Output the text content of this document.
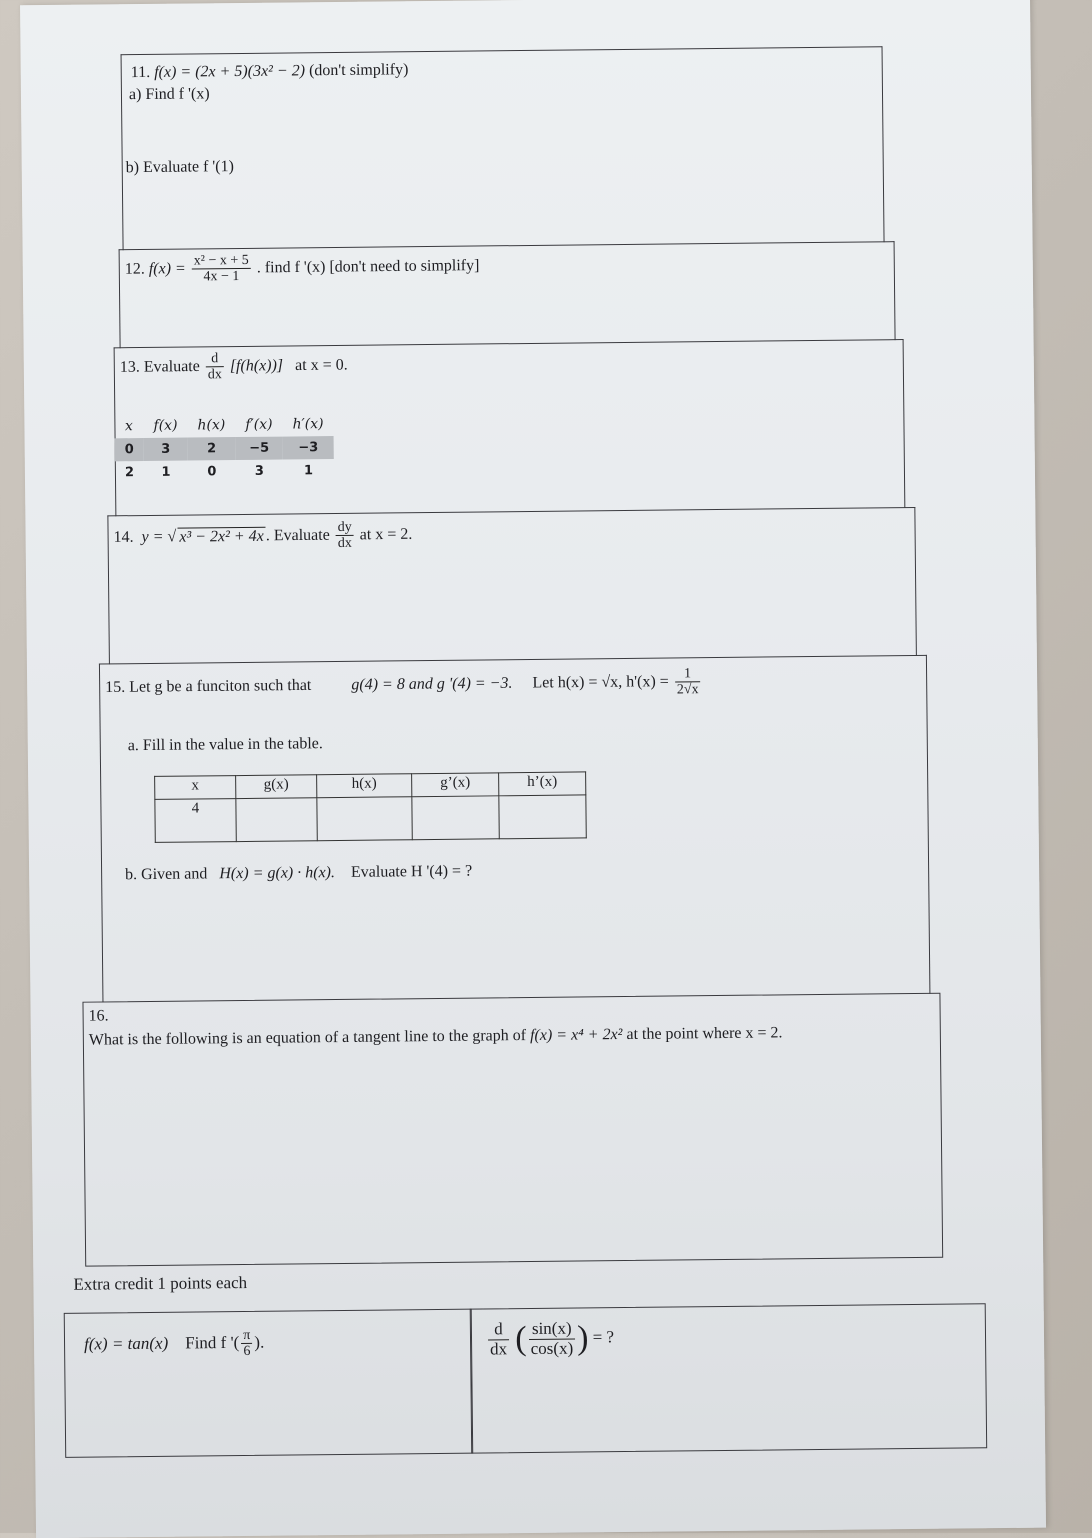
11. f(x) = (2x + 5)(3x² − 2) (don't simplify)
a) Find f '(x)
b) Evaluate f '(1)
12. $f(x) = \frac{\text{x² − x + 5}}{4x - 1}$ . find f '(x) [don't need to simplify]
13. Evaluate $\frac{d}{dx} [f(h(x))]$ at x = 0.
x	f(x)	h(x)	f′(x)	h′(x)
0	3	2	−5	−3
2	1	0	3	1
14. y = √ x³ − 2x² + 4x . Evaluate $\frac{dy}{dx}$ at x = 2.
15. Let g be a funciton such that g(4) = 8 and g '(4) = −3. Let h(x) = √x, $h'(x) = \frac{1}{2√x}$
a. Fill in the value in the table.
x	g(x)	h(x)	g’(x)	h’(x)
4				
b. Given and H(x) = g(x) · h(x). Evaluate H '(4) = ?
16.
What is the following is an equation of a tangent line to the graph of f(x) = x⁴ + 2x² at the point where x = 2.
Extra credit 1 points each
f(x) = tan(x) Find f '( $\frac{\pi}{6}$ ).	$\frac{d}{dx}$ ( $\frac{\sin(x)}{\cos(x)}$ ) = ?
